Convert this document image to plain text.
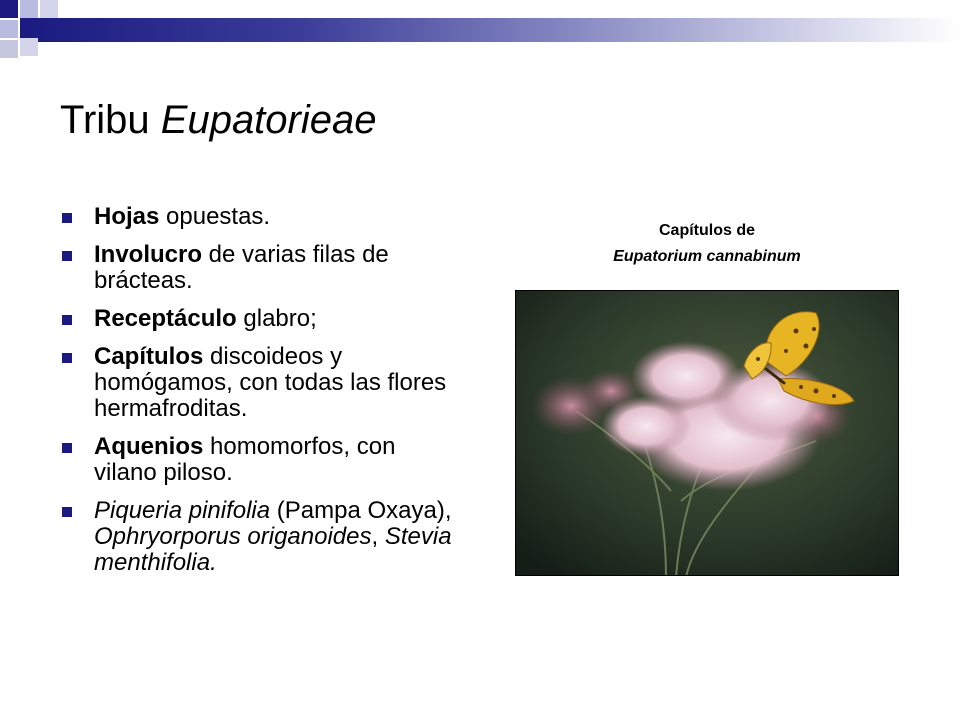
Tribu Eupatorieae
Hojas opuestas.
Involucro de varias filas de brácteas.
Receptáculo glabro;
Capítulos discoideos y homógamos, con todas las flores hermafroditas.
Aquenios homomorfos, con vilano piloso.
Piqueria pinifolia (Pampa Oxaya), Ophryorporus origanoides, Stevia menthifolia.
Capítulos de
Eupatorium cannabinum
